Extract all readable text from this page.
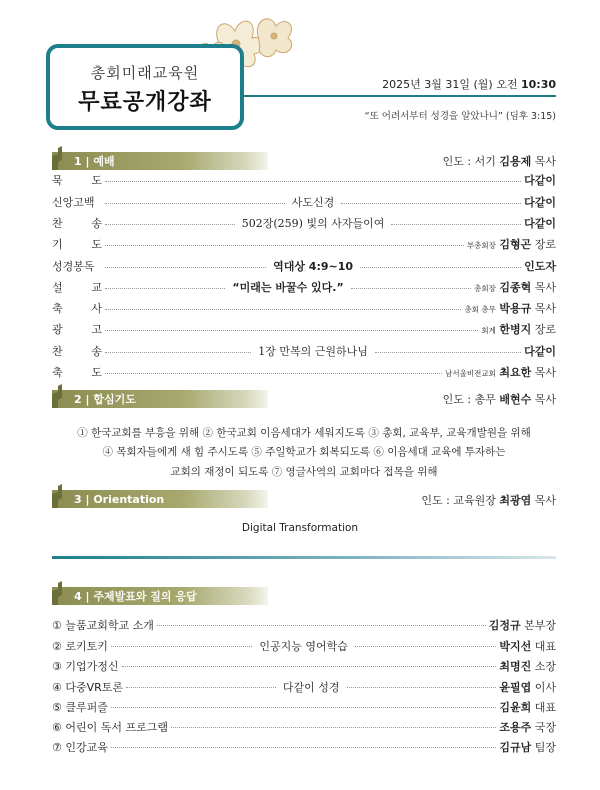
총회미래교육원
무료공개강좌
2025년 3월 31일 (월) 오전 10:30
“또 어려서부터 성경을 알았나니” (딤후 3:15)
1 | 예배	인도 : 서기 김용제 목사
묵	도	다같이
신앙고백	사도신경	다같이
찬	송	502장(259) 빛의 사자들이여	다같이
기	도	부총회장 김형곤 장로
성경봉독	역대상 4:9~10	인도자
설	교	“미래는 바꿀수 있다.”	총회장 김종혁 목사
축	사	총회 총무 박용규 목사
광	고	회계 한병지 장로
찬	송	1장 만복의 근원하나님	다같이
축	도	남서울비전교회 최요한 목사
2 | 합심기도	인도 : 총무 배현수 목사
① 한국교회를 부흥을 위해 ② 한국교회 이음세대가 세워지도록 ③ 총회, 교육부, 교육개발원을 위해
④ 목회자들에게 새 힘 주시도록 ⑤ 주일학교가 회복되도록 ⑥ 이음세대 교육에 투자하는
교회의 재정이 되도록 ⑦ 영글사역의 교회마다 접목을 위해
3 | Orientation	인도 : 교육원장 최광염 목사
Digital Transformation
4 | 주제발표와 질의 응답
① 늘품교회학교 소개	김정규 본부장
② 로키토키	인공지능 영어학습	박지선 대표
③ 기업가정신	최명진 소장
④ 다중VR토론	다같이 성경	윤필엽 이사
⑤ 클루퍼즐	김윤희 대표
⑥ 어린이 독서 프로그램	조용주 국장
⑦ 인강교육	김규남 팀장
